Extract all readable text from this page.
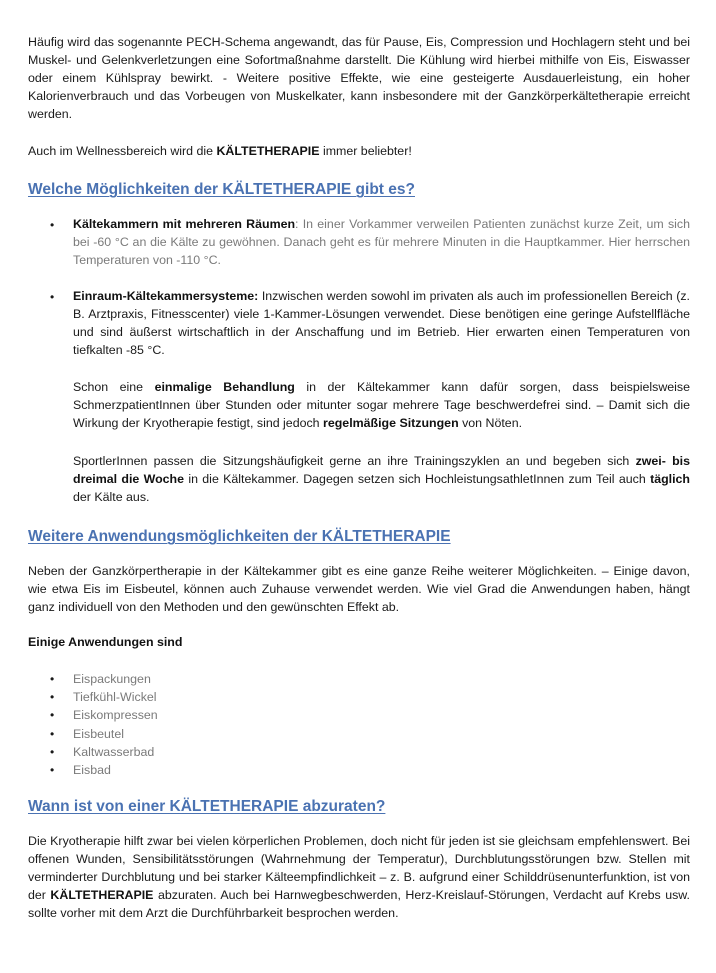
Häufig wird das sogenannte PECH-Schema angewandt, das für Pause, Eis, Compression und Hochlagern steht und bei Muskel- und Gelenkverletzungen eine Sofortmaßnahme darstellt. Die Kühlung wird hierbei mithilfe von Eis, Eiswasser oder einem Kühlspray bewirkt. - Weitere positive Effekte, wie eine gesteigerte Ausdauerleistung, ein hoher Kalorienverbrauch und das Vorbeugen von Muskelkater, kann insbesondere mit der Ganzkörperkältetherapie erreicht werden.

Auch im Wellnessbereich wird die KÄLTETHERAPIE immer beliebter!

Welche Möglichkeiten der KÄLTETHERAPIE gibt es?
• Kältekammern mit mehreren Räumen: In einer Vorkammer verweilen Patienten zunächst kurze Zeit, um sich bei -60 °C an die Kälte zu gewöhnen. Danach geht es für mehrere Minuten in die Hauptkammer. Hier herrschen Temperaturen von -110 °C.

• Einraum-Kältekammersysteme: Inzwischen werden sowohl im privaten als auch im professionellen Bereich (z. B. Arztpraxis, Fitnesscenter) viele 1-Kammer-Lösungen verwendet. Diese benötigen eine geringe Aufstellfläche und sind äußerst wirtschaftlich in der Anschaffung und im Betrieb. Hier erwarten einen Temperaturen von tiefkalten -85 °C.

Schon eine einmalige Behandlung in der Kältekammer kann dafür sorgen, dass beispielsweise SchmerzpatientInnen über Stunden oder mitunter sogar mehrere Tage beschwerdefrei sind. – Damit sich die Wirkung der Kryotherapie festigt, sind jedoch regelmäßige Sitzungen von Nöten.

SportlerInnen passen die Sitzungshäufigkeit gerne an ihre Trainingszyklen an und begeben sich zwei- bis dreimal die Woche in die Kältekammer. Dagegen setzen sich HochleistungsathletInnen zum Teil auch täglich der Kälte aus.

Weitere Anwendungsmöglichkeiten der KÄLTETHERAPIE

Neben der Ganzkörpertherapie in der Kältekammer gibt es eine ganze Reihe weiterer Möglichkeiten. – Einige davon, wie etwa Eis im Eisbeutel, können auch Zuhause verwendet werden. Wie viel Grad die Anwendungen haben, hängt ganz individuell von den Methoden und den gewünschten Effekt ab.

Einige Anwendungen sind

• Eispackungen
• Tiefkühl-Wickel
• Eiskompressen
• Eisbeutel
• Kaltwasserbad
• Eisbad
Wann ist von einer KÄLTETHERAPIE abzuraten?

Die Kryotherapie hilft zwar bei vielen körperlichen Problemen, doch nicht für jeden ist sie gleichsam empfehlenswert. Bei offenen Wunden, Sensibilitätsstörungen (Wahrnehmung der Temperatur), Durchblutungsstörungen bzw. Stellen mit verminderter Durchblutung und bei starker Kälteempfindlichkeit – z. B. aufgrund einer Schilddrüsenunterfunktion, ist von der KÄLTETHERAPIE abzuraten. Auch bei Harnwegbeschwerden, Herz-Kreislauf-Störungen, Verdacht auf Krebs usw. sollte vorher mit dem Arzt die Durchführbarkeit besprochen werden.
